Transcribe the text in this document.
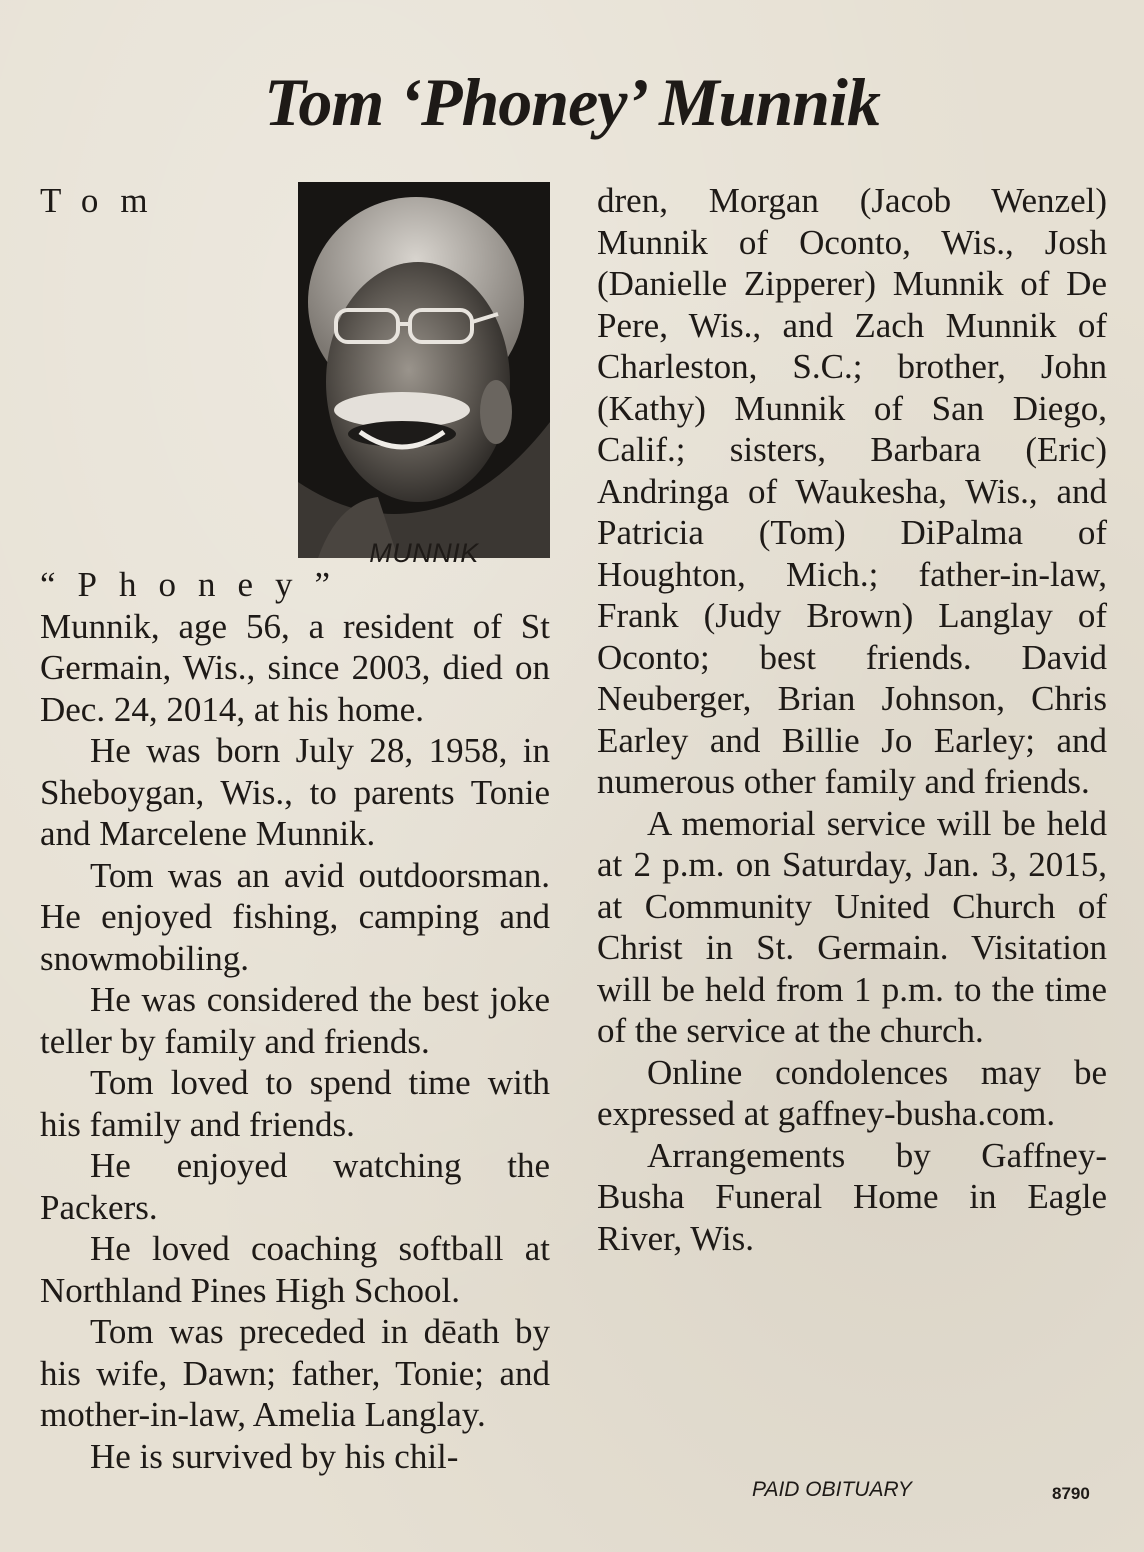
Tom ‘Phoney’ Munnik
MUNNIK

Tom
“Phoney”
Munnik, age 56, a resident of St Germain, Wis., since 2003, died on Dec. 24, 2014, at his home.

He was born July 28, 1958, in Sheboygan, Wis., to parents Tonie and Marcelene Munnik.

Tom was an avid outdoorsman. He enjoyed fishing, camping and snowmobiling.

He was considered the best joke teller by family and friends.

Tom loved to spend time with his family and friends.

He enjoyed watching the Packers.

He loved coaching softball at Northland Pines High School.

Tom was preceded in dēath by his wife, Dawn; father, Tonie; and mother-in-law, Amelia Langlay.

He is survived by his chil-

dren, Morgan (Jacob Wenzel) Munnik of Oconto, Wis., Josh (Danielle Zipperer) Munnik of De Pere, Wis., and Zach Munnik of Charleston, S.C.; brother, John (Kathy) Munnik of San Diego, Calif.; sisters, Barbara (Eric) Andringa of Waukesha, Wis., and Patricia (Tom) DiPalma of Houghton, Mich.; father-in-law, Frank (Judy Brown) Langlay of Oconto; best friends. David Neuberger, Brian Johnson, Chris Earley and Billie Jo Earley; and numerous other family and friends.

A memorial service will be held at 2 p.m. on Saturday, Jan. 3, 2015, at Community United Church of Christ in St. Germain. Visitation will be held from 1 p.m. to the time of the service at the church.

Online condolences may be expressed at gaffney-busha.com.

Arrangements by Gaffney-Busha Funeral Home in Eagle River, Wis.

PAID OBITUARY	8790
